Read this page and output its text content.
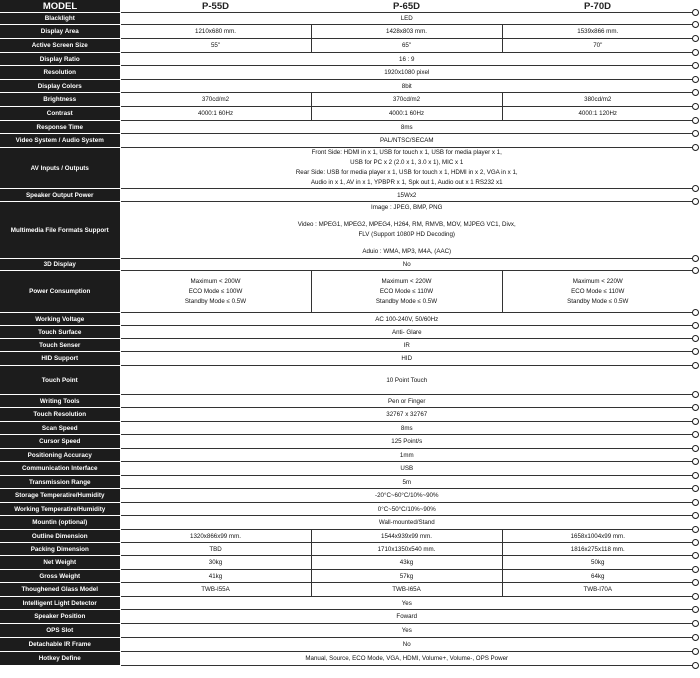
MODEL	P-55D	P-65D	P-70D
Blacklight	LED		
Display Area	1210x680 mm.	1428x803 mm.	1539x866 mm.
Active Screen Size	55"	65"	70"
Display Ratio	16 : 9		
Resolution	1920x1080 pixel		
Display Colors	8bit		
Brightness	370cd/m2	370cd/m2	380cd/m2
Contrast	4000:1 60Hz	4000:1 60Hz	4000:1 120Hz
Response Time	8ms		
Video System / Audio System	PAL/NTSC/SECAM		
AV Inputs / Outputs	Front Side: HDMI in x 1, USB for touch x 1, USB for media player x 1,
USB for PC x 2 (2.0 x 1, 3.0 x 1), MIC x 1
Rear Side: USB for media player x 1, USB for touch x 1, HDMI in x 2, VGA in x 1,
Audio in x 1, AV in x 1, YPBPR x 1, Spk out 1, Audio out x 1 RS232 x1		

Speaker Output Power	15Wx2		
Multimedia File Formats Support	Image : JPEG, BMP, PNG
Video : MPEG1, MPEG2, MPEG4, H264, RM, RMVB, MOV, MJPEG VC1, Divx,
FLV (Support 1080P HD Decoding)
Aduio : WMA, MP3, M4A, (AAC)		

3D Display	No		
Power Consumption	Maximum < 200W
ECO Mode ≤ 100W
Standby Mode ≤ 0.5W	Maximum < 220W
ECO Mode ≤ 110W
Standby Mode ≤ 0.5W	Maximum < 220W
ECO Mode ≤ 110W
Standby Mode ≤ 0.5W

Working Voltage	AC 100-240V, 50/60Hz		
Touch Surface	Anti- Glare		
Touch Senser	IR		
HID Support	HID		
Touch Point	10 Point Touch		
Writing Tools	Pen or Finger		
Touch Resolution	32767 x 32767		
Scan Speed	8ms		
Cursor Speed	125 Point/s		
Positioning Accuracy	1mm		
Communication Interface	USB		
Transmission Range	5m		
Storage Temperatire/Humidity	-20°C~60°C/10%~90%		
Working Temperatire/Humidity	0°C~50°C/10%~90%		
Mountin (optional)	Wall-mounted/Stand		
Outline Dimension	1320x866x99 mm.	1544x939x99 mm.	1658x1004x99 mm.
Packing Dimension	TBD	1710x1350x540 mm.	1816x275x118 mm.
Net Weight	30kg	43kg	50kg
Gross Weight	41kg	57kg	64kg
Thoughened Glass Model	TWB-I55A	TWB-I65A	TWB-I70A
Intelligent Light Detector	Yes		
Speaker Position	Foward		
OPS Slot	Yes		
Detachable IR Frame	No		
Hotkey Define	Manual, Source, ECO Mode, VGA, HDMI, Volume+, Volume-, OPS Power		
